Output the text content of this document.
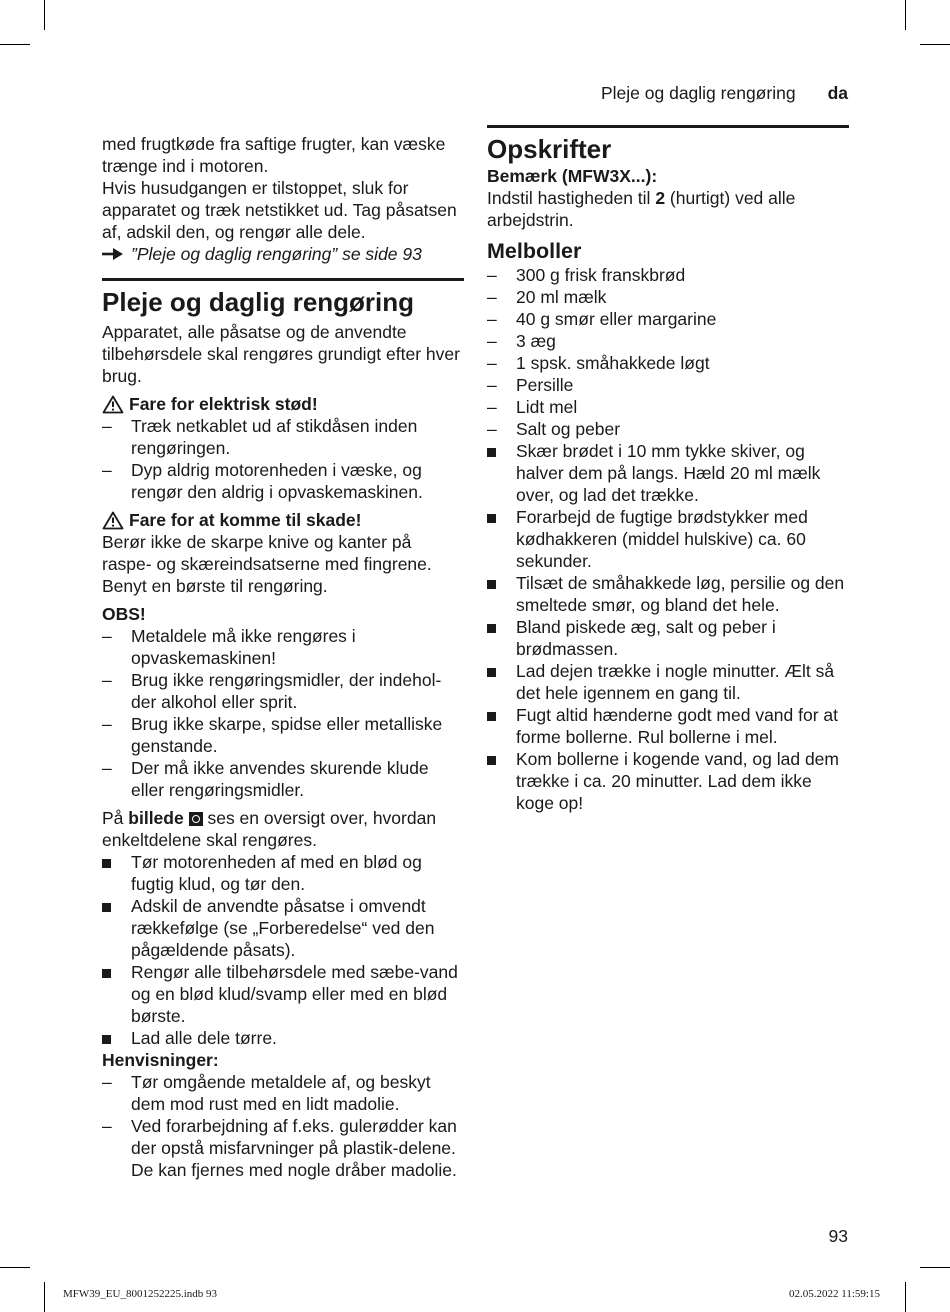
Pleje og daglig rengøring da

med frugtkøde fra saftige frugter, kan væske trænge ind i motoren.

Hvis husudgangen er tilstoppet, sluk for apparatet og træk netstikket ud. Tag påsatsen af, adskil den, og rengør alle dele.

”Pleje og daglig rengøring” se side 93
Pleje og daglig rengøring

Apparatet, alle påsatse og de anvendte tilbehørsdele skal rengøres grundigt efter hver brug.

Fare for elektrisk stød!
–	Træk netkablet ud af stikdåsen inden rengøringen.
–	Dyp aldrig motorenheden i væske, og rengør den aldrig i opvaskemaskinen.
Fare for at komme til skade!

Berør ikke de skarpe knive og kanter på raspe- og skæreindsatserne med fingrene. Benyt en børste til rengøring.

OBS!

–	Metaldele må ikke rengøres i opvaskemaskinen!
–	Brug ikke rengøringsmidler, der indehol-der alkohol eller sprit.
–	Brug ikke skarpe, spidse eller metalliske genstande.
–	Der må ikke anvendes skurende klude eller rengøringsmidler.

På billede  ses en oversigt over, hvordan enkeltdelene skal rengøres.

Tør motorenheden af med en blød og fugtig klud, og tør den.
Adskil de anvendte påsatse i omvendt rækkefølge (se „Forberedelse“ ved den pågældende påsats).
Rengør alle tilbehørsdele med sæbe-vand og en blød klud/svamp eller med en blød børste.
Lad alle dele tørre.

Henvisninger:

–	Tør omgående metaldele af, og beskyt dem mod rust med en lidt madolie.
–	Ved forarbejdning af f.eks. gulerødder kan der opstå misfarvninger på plastik-delene. De kan fjernes med nogle dråber madolie.
Opskrifter

Bemærk (MFW3X...):

Indstil hastigheden til 2 (hurtigt) ved alle arbejdstrin.

Melboller
–	300 g frisk franskbrød
–	20 ml mælk
–	40 g smør eller margarine
–	3 æg
–	1 spsk. småhakkede løgt
–	Persille
–	Lidt mel
–	Salt og peber
Skær brødet i 10 mm tykke skiver, og halver dem på langs. Hæld 20 ml mælk over, og lad det trække.
Forarbejd de fugtige brødstykker med kødhakkeren (middel hulskive) ca. 60 sekunder.
Tilsæt de småhakkede løg, persilie og den smeltede smør, og bland det hele.
Bland piskede æg, salt og peber i brødmassen.
Lad dejen trække i nogle minutter. Ælt så det hele igennem en gang til.
Fugt altid hænderne godt med vand for at forme bollerne. Rul bollerne i mel.
Kom bollerne i kogende vand, og lad dem trække i ca. 20 minutter. Lad dem ikke koge op!
93
MFW39_EU_8001252225.indb 93	02.05.2022 11:59:15
